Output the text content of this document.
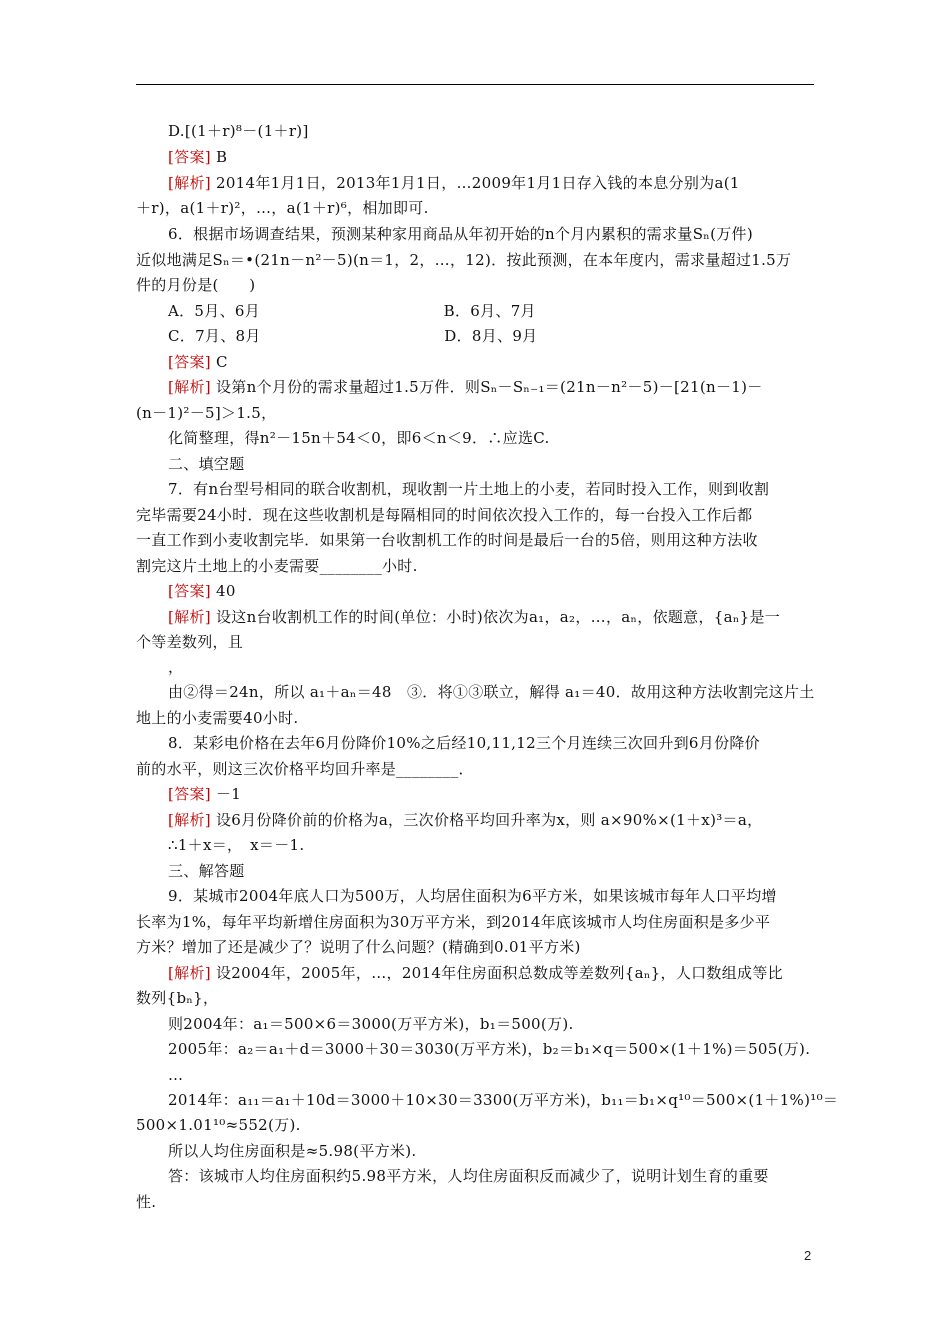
D.[(1＋r)⁸－(1＋r)]
[答案] B
[解析] 2014年1月1日，2013年1月1日，…2009年1月1日存入钱的本息分别为a(1
＋r)，a(1＋r)²，…，a(1＋r)⁶，相加即可.
6．根据市场调查结果，预测某种家用商品从年初开始的n个月内累积的需求量Sₙ(万件)
近似地满足Sₙ＝•(21n－n²－5)(n＝1，2，…，12)．按此预测，在本年度内，需求量超过1.5万
件的月份是(　　)
A．5月、6月　　　　　　　　　　　　B．6月、7月
C．7月、8月　　　　　　　　　　　　D．8月、9月
[答案] C
[解析] 设第n个月份的需求量超过1.5万件．则Sₙ－Sₙ₋₁＝(21n－n²－5)－[21(n－1)－
(n－1)²－5]＞1.5，
化简整理，得n²－15n＋54＜0，即6＜n＜9．∴应选C.
二、填空题
7．有n台型号相同的联合收割机，现收割一片土地上的小麦，若同时投入工作，则到收割
完毕需要24小时．现在这些收割机是每隔相同的时间依次投入工作的，每一台投入工作后都
一直工作到小麦收割完毕．如果第一台收割机工作的时间是最后一台的5倍，则用这种方法收
割完这片土地上的小麦需要________小时.
[答案] 40
[解析] 设这n台收割机工作的时间(单位：小时)依次为a₁，a₂，…，aₙ，依题意，{aₙ}是一
个等差数列，且
，
由②得＝24n，所以 a₁＋aₙ＝48　③．将①③联立，解得 a₁＝40．故用这种方法收割完这片土
地上的小麦需要40小时.
8．某彩电价格在去年6月份降价10%之后经10,11,12三个月连续三次回升到6月份降价
前的水平，则这三次价格平均回升率是________．
[答案] －1
[解析] 设6月份降价前的价格为a，三次价格平均回升率为x，则 a×90%×(1＋x)³＝a，
∴1＋x＝，　x＝－1.
三、解答题
9．某城市2004年底人口为500万，人均居住面积为6平方米，如果该城市每年人口平均增
长率为1%，每年平均新增住房面积为30万平方米，到2014年底该城市人均住房面积是多少平
方米？增加了还是减少了？说明了什么问题？(精确到0.01平方米)
[解析] 设2004年，2005年，…，2014年住房面积总数成等差数列{aₙ}，人口数组成等比
数列{bₙ}，
则2004年：a₁＝500×6＝3000(万平方米)，b₁＝500(万).
2005年：a₂＝a₁＋d＝3000＋30＝3030(万平方米)，b₂＝b₁×q＝500×(1＋1%)＝505(万).
…
2014年：a₁₁＝a₁＋10d＝3000＋10×30＝3300(万平方米)，b₁₁＝b₁×q¹⁰＝500×(1＋1%)¹⁰＝
500×1.01¹⁰≈552(万).
所以人均住房面积是≈5.98(平方米).
答：该城市人均住房面积约5.98平方米，人均住房面积反而减少了，说明计划生育的重要
性.
2
